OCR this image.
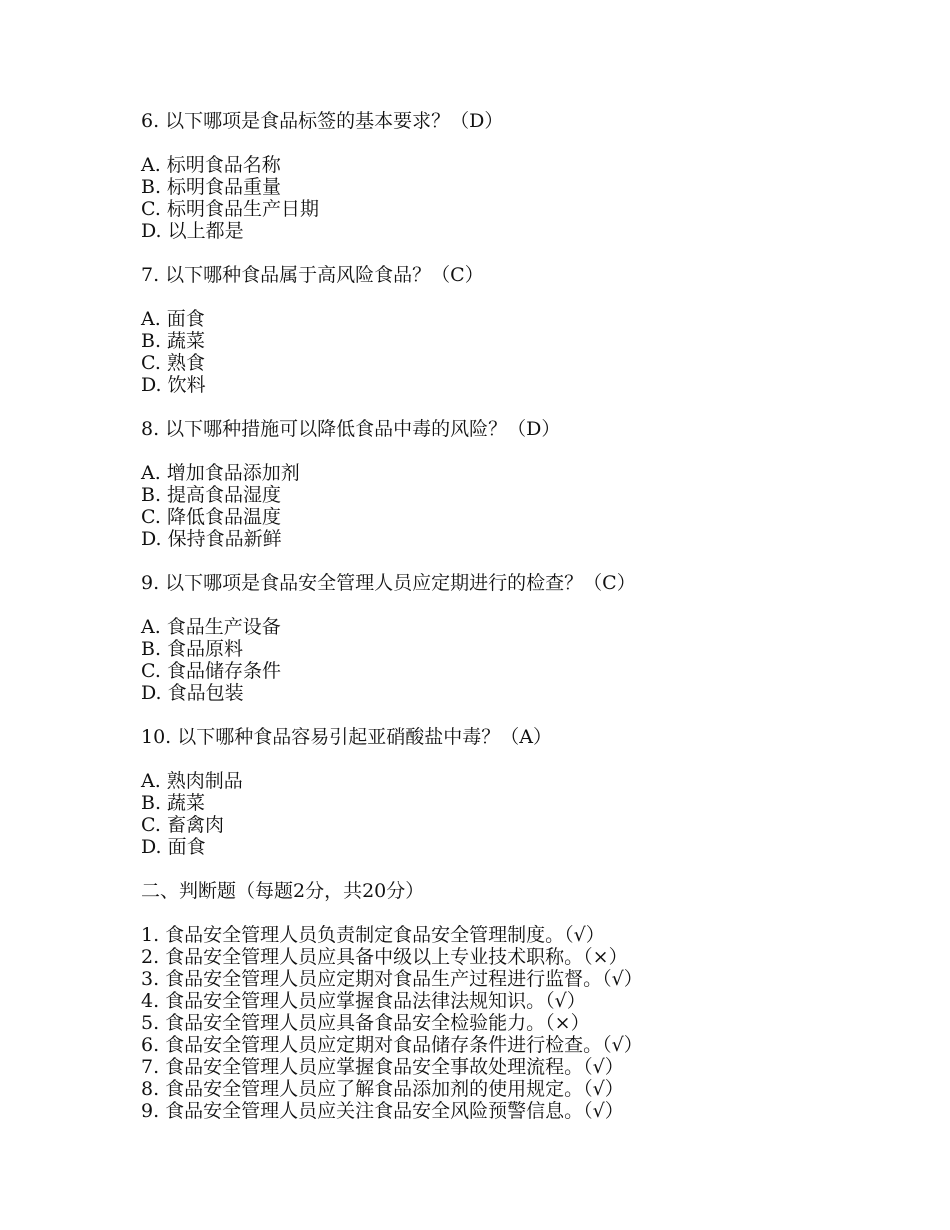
6. 以下哪项是食品标签的基本要求？（D）
A. 标明食品名称
B. 标明食品重量
C. 标明食品生产日期
D. 以上都是
7. 以下哪种食品属于高风险食品？（C）
A. 面食
B. 蔬菜
C. 熟食
D. 饮料
8. 以下哪种措施可以降低食品中毒的风险？（D）
A. 增加食品添加剂
B. 提高食品湿度
C. 降低食品温度
D. 保持食品新鲜
9. 以下哪项是食品安全管理人员应定期进行的检查？（C）
A. 食品生产设备
B. 食品原料
C. 食品储存条件
D. 食品包装
10. 以下哪种食品容易引起亚硝酸盐中毒？（A）
A. 熟肉制品
B. 蔬菜
C. 畜禽肉
D. 面食
二、判断题（每题2分，共20分）
1. 食品安全管理人员负责制定食品安全管理制度。（√）
2. 食品安全管理人员应具备中级以上专业技术职称。（×）
3. 食品安全管理人员应定期对食品生产过程进行监督。（√）
4. 食品安全管理人员应掌握食品法律法规知识。（√）
5. 食品安全管理人员应具备食品安全检验能力。（×）
6. 食品安全管理人员应定期对食品储存条件进行检查。（√）
7. 食品安全管理人员应掌握食品安全事故处理流程。（√）
8. 食品安全管理人员应了解食品添加剂的使用规定。（√）
9. 食品安全管理人员应关注食品安全风险预警信息。（√）
